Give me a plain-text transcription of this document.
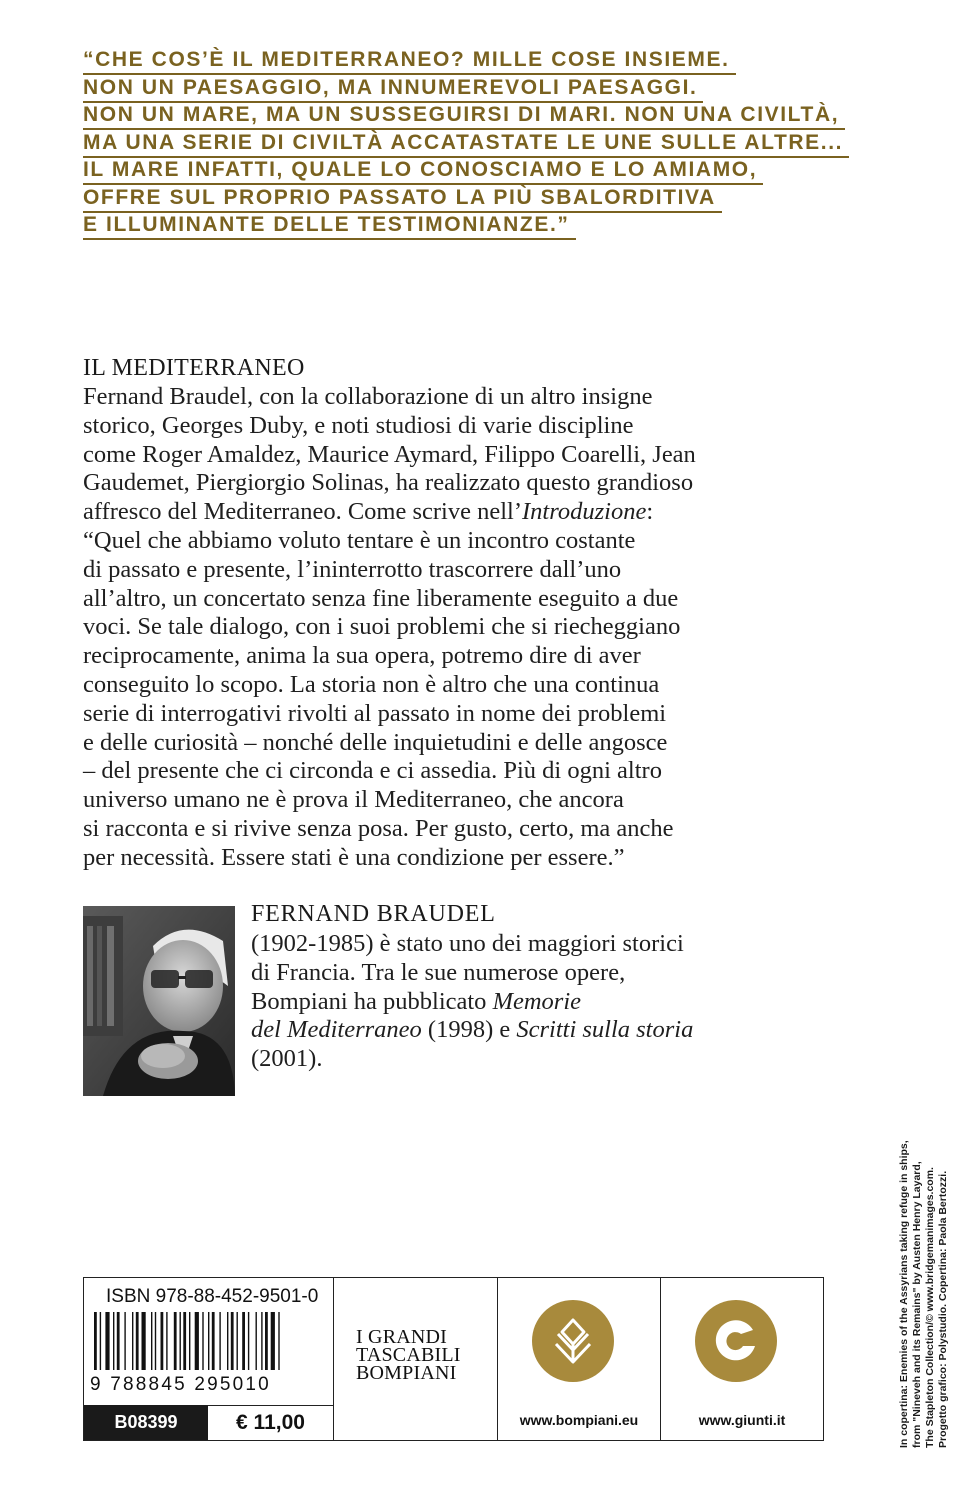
“CHE COS’È IL MEDITERRANEO? MILLE COSE INSIEME.
NON UN PAESAGGIO, MA INNUMEREVOLI PAESAGGI.
NON UN MARE, MA UN SUSSEGUIRSI DI MARI. NON UNA CIVILTÀ,
MA UNA SERIE DI CIVILTÀ ACCATASTATE LE UNE SULLE ALTRE...
IL MARE INFATTI, QUALE LO CONOSCIAMO E LO AMIAMO,
OFFRE SUL PROPRIO PASSATO LA PIÙ SBALORDITIVA
E ILLUMINANTE DELLE TESTIMONIANZE.”
IL MEDITERRANEO
Fernand Braudel, con la collaborazione di un altro insigne
storico, Georges Duby, e noti studiosi di varie discipline
come Roger Amaldez, Maurice Aymard, Filippo Coarelli, Jean
Gaudemet, Piergiorgio Solinas, ha realizzato questo grandioso
affresco del Mediterraneo. Come scrive nell’Introduzione:
“Quel che abbiamo voluto tentare è un incontro costante
di passato e presente, l’ininterrotto trascorrere dall’uno
all’altro, un concertato senza fine liberamente eseguito a due
voci. Se tale dialogo, con i suoi problemi che si riecheggiano
reciprocamente, anima la sua opera, potremo dire di aver
conseguito lo scopo. La storia non è altro che una continua
serie di interrogativi rivolti al passato in nome dei problemi
e delle curiosità – nonché delle inquietudini e delle angosce
– del presente che ci circonda e ci assedia. Più di ogni altro
universo umano ne è prova il Mediterraneo, che ancora
si racconta e si rivive senza posa. Per gusto, certo, ma anche
per necessità. Essere stati è una condizione per essere.”
FERNAND BRAUDEL
(1902-1985) è stato uno dei maggiori storici
di Francia. Tra le sue numerose opere,
Bompiani ha pubblicato Memorie
del Mediterraneo (1998) e Scritti sulla storia
(2001).
In copertina: Enemies of the Assyrians taking refuge in ships, from "Nineveh and its Remains" by Austen Henry Layard, The Stapleton Collection/© www.bridgemanimages.com. Progetto grafico: Polystudio. Copertina: Paola Bertozzi.
ISBN 978-88-452-9501-0
9 788845 295010
B08399	€ 11,00
I GRANDI
TASCABILI
BOMPIANI
www.bompiani.eu	www.giunti.it
